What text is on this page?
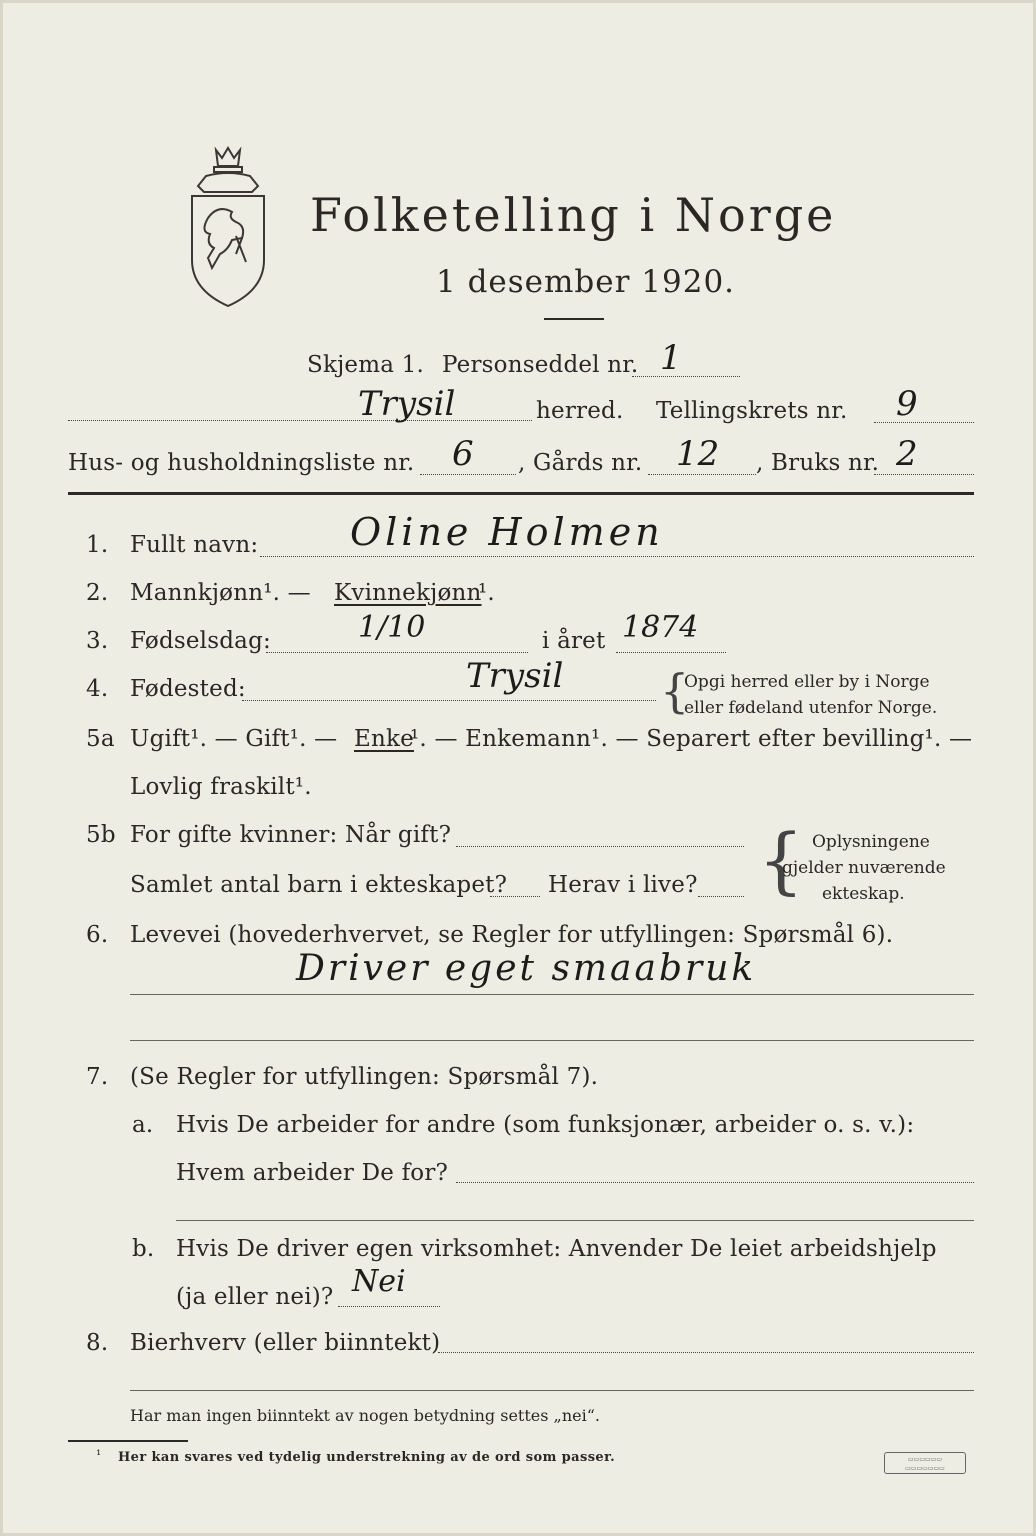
Folketelling i Norge
1 desember 1920.
Skjema 1. Personseddel nr. 1
Trysil	herred. Tellingskrets nr. 9
Hus- og husholdningsliste nr. 6 , Gårds nr. 12 , Bruks nr. 2
1. Fullt navn: Oline Holmen
2. Mannkjønn¹. — Kvinnekjønn
¹.
3. Fødselsdag:	1/10	i året 1874
4. Fødested:	Trysil {
Opgi herred eller by i Norge
eller fødeland utenfor Norge.
5a Ugift¹. — Gift¹. — Enke
¹. — Enkemann¹. — Separert efter bevilling¹. —
Lovlig fraskilt¹.
5b For gifte kvinner: Når gift?
Samlet antal barn i ekteskapet? Herav i live? { Oplysningene
gjelder nuværende
ekteskap.
6. Levevei (hovederhvervet, se Regler for utfyllingen: Spørsmål 6).
Driver eget smaabruk
7. (Se Regler for utfyllingen: Spørsmål 7).
a. Hvis De arbeider for andre (som funksjonær, arbeider o. s. v.):
Hvem arbeider De for?
b. Hvis De driver egen virksomhet: Anvender De leiet arbeidshjelp
(ja eller nei)? Nei
8. Bierhverv (eller biinntekt)
Har man ingen biinntekt av nogen betydning settes „nei“.
¹ Her kan svares ved tydelig understrekning av de ord som passer.	▭▭▭▭▭▭
▭▭▭▭▭▭▭
